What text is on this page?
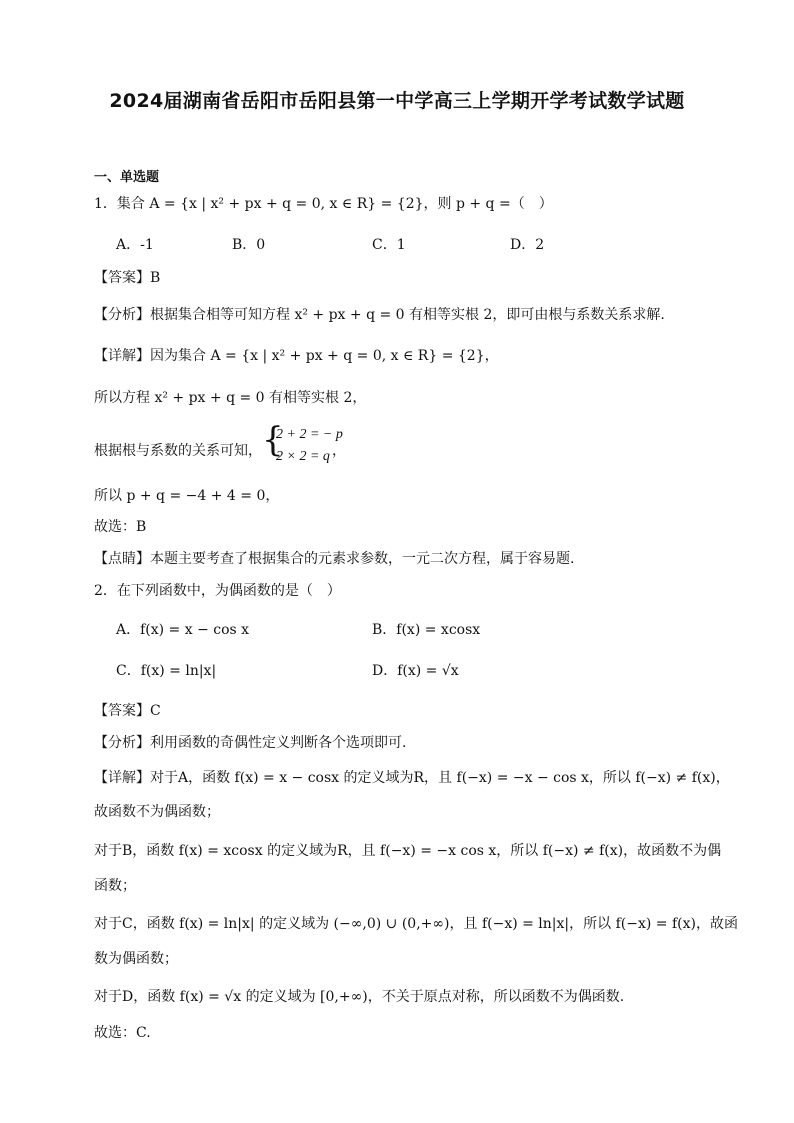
2024届湖南省岳阳市岳阳县第一中学高三上学期开学考试数学试题
一、单选题
1．集合 A = {x | x² + px + q = 0, x ∈ R} = {2}，则 p + q =（　）
A．-1	B．0	C．1	D．2
【答案】B
【分析】根据集合相等可知方程 x² + px + q = 0 有相等实根 2，即可由根与系数关系求解.
【详解】因为集合 A = {x | x² + px + q = 0, x ∈ R} = {2}，
所以方程 x² + px + q = 0 有相等实根 2，
根据根与系数的关系可知， {
2 + 2 = − p
2 × 2 = q ，
所以 p + q = −4 + 4 = 0，
故选：B
【点睛】本题主要考查了根据集合的元素求参数，一元二次方程，属于容易题.
2．在下列函数中，为偶函数的是（　）
A．f(x) = x − cos x	B．f(x) = xcosx
C．f(x) = ln|x|	D．f(x) = √x
【答案】C
【分析】利用函数的奇偶性定义判断各个选项即可.
【详解】对于A，函数 f(x) = x − cosx 的定义域为R，且 f(−x) = −x − cos x，所以 f(−x) ≠ f(x)，
故函数不为偶函数；
对于B，函数 f(x) = xcosx 的定义域为R，且 f(−x) = −x cos x，所以 f(−x) ≠ f(x)，故函数不为偶
函数；
对于C，函数 f(x) = ln|x| 的定义域为 (−∞,0) ∪ (0,+∞)，且 f(−x) = ln|x|，所以 f(−x) = f(x)，故函
数为偶函数；
对于D，函数 f(x) = √x 的定义域为 [0,+∞)，不关于原点对称，所以函数不为偶函数.
故选：C.
